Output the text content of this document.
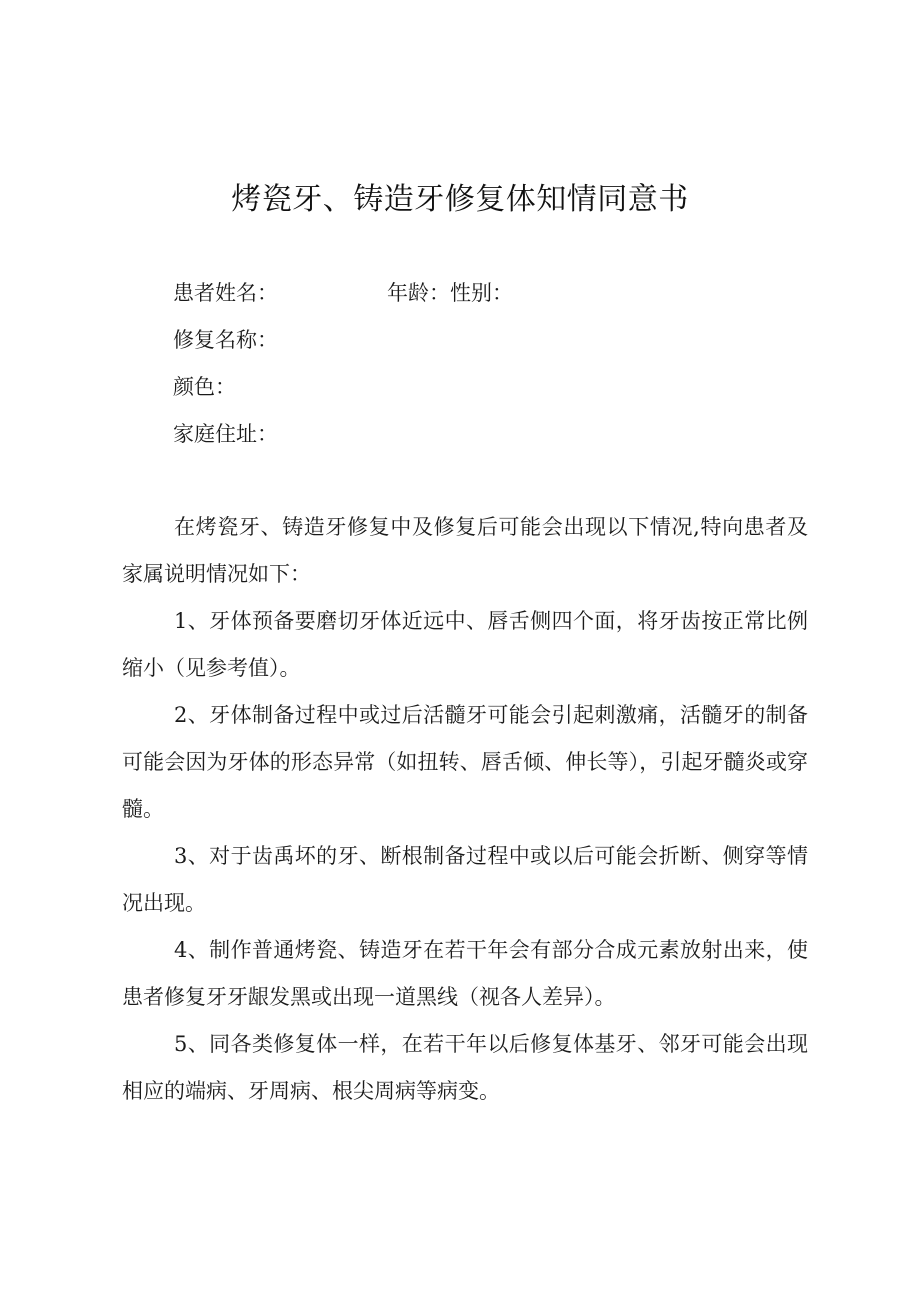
烤瓷牙、铸造牙修复体知情同意书
患者姓名：	年龄：性别：
修复名称：
颜色：
家庭住址：

在烤瓷牙、铸造牙修复中及修复后可能会出现以下情况,特向患者及家属说明情况如下：

1、牙体预备要磨切牙体近远中、唇舌侧四个面，将牙齿按正常比例缩小（见参考值）。

2、牙体制备过程中或过后活髓牙可能会引起刺激痛，活髓牙的制备可能会因为牙体的形态异常（如扭转、唇舌倾、伸长等），引起牙髓炎或穿髓。

3、对于齿禹坏的牙、断根制备过程中或以后可能会折断、侧穿等情况出现。

4、制作普通烤瓷、铸造牙在若干年会有部分合成元素放射出来，使患者修复牙牙龈发黑或出现一道黑线（视各人差异）。

5、同各类修复体一样，在若干年以后修复体基牙、邻牙可能会出现相应的端病、牙周病、根尖周病等病变。
